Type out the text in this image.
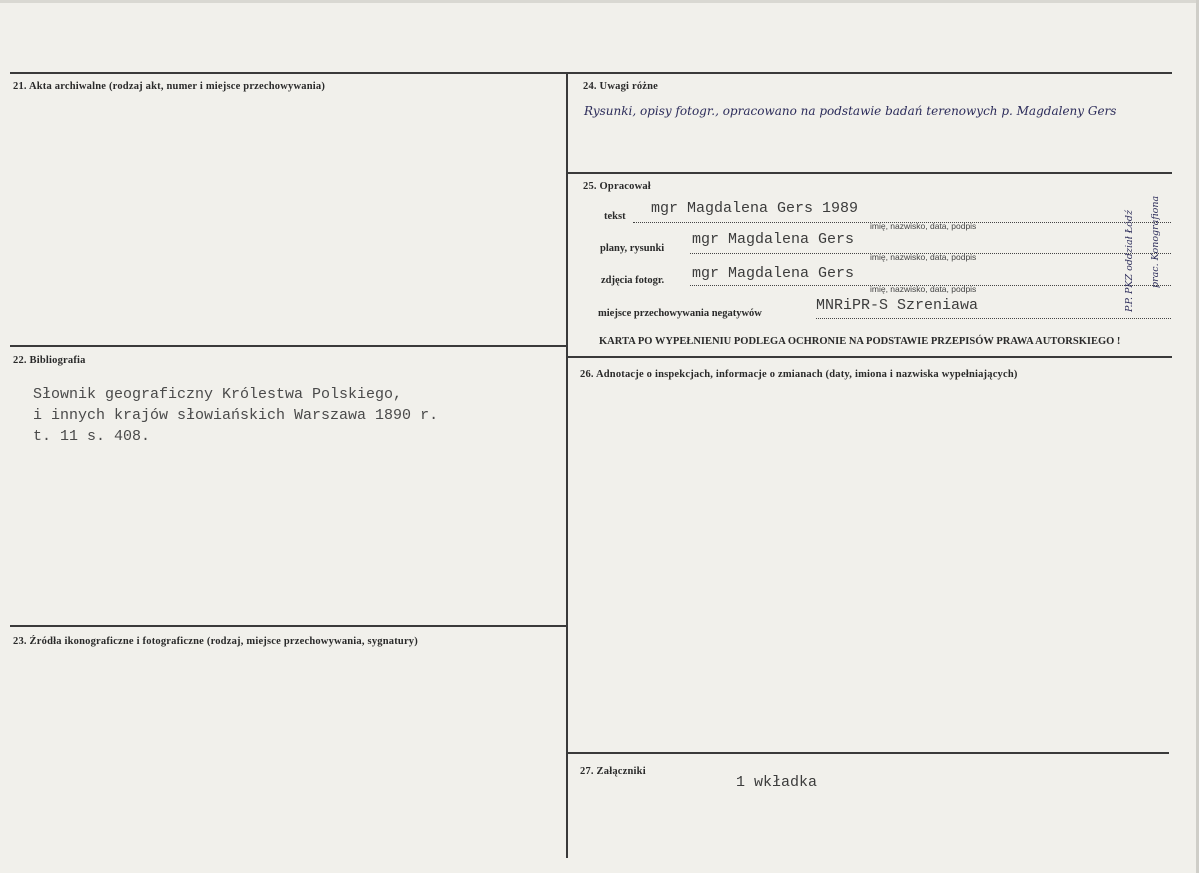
21. Akta archiwalne (rodzaj akt, numer i miejsce przechowywania)
22. Bibliografia
Słownik geograficzny Królestwa Polskiego,
i innych krajów słowiańskich Warszawa 1890 r.
t. 11 s. 408.
23. Źródła ikonograficzne i fotograficzne (rodzaj, miejsce przechowywania, sygnatury)
24. Uwagi różne
Rysunki, opisy fotogr., opracowano na podstawie badań terenowych p. Magdaleny Gers
25. Opracował
tekst mgr Magdalena Gers 1989
imię, nazwisko, data, podpis
plany, rysunki
mgr Magdalena Gers
imię, nazwisko, data, podpis
zdjęcia fotogr. mgr Magdalena Gers
imię, nazwisko, data, podpis
miejsce przechowywania negatywów	MNRiPR-S Szreniawa	P.P. PKZ oddział Łódź prac. Konografiona
KARTA PO WYPEŁNIENIU PODLEGA OCHRONIE NA PODSTAWIE PRZEPISÓW PRAWA AUTORSKIEGO !
26. Adnotacje o inspekcjach, informacje o zmianach (daty, imiona i nazwiska wypełniających)
27. Załączniki
1 wkładka
